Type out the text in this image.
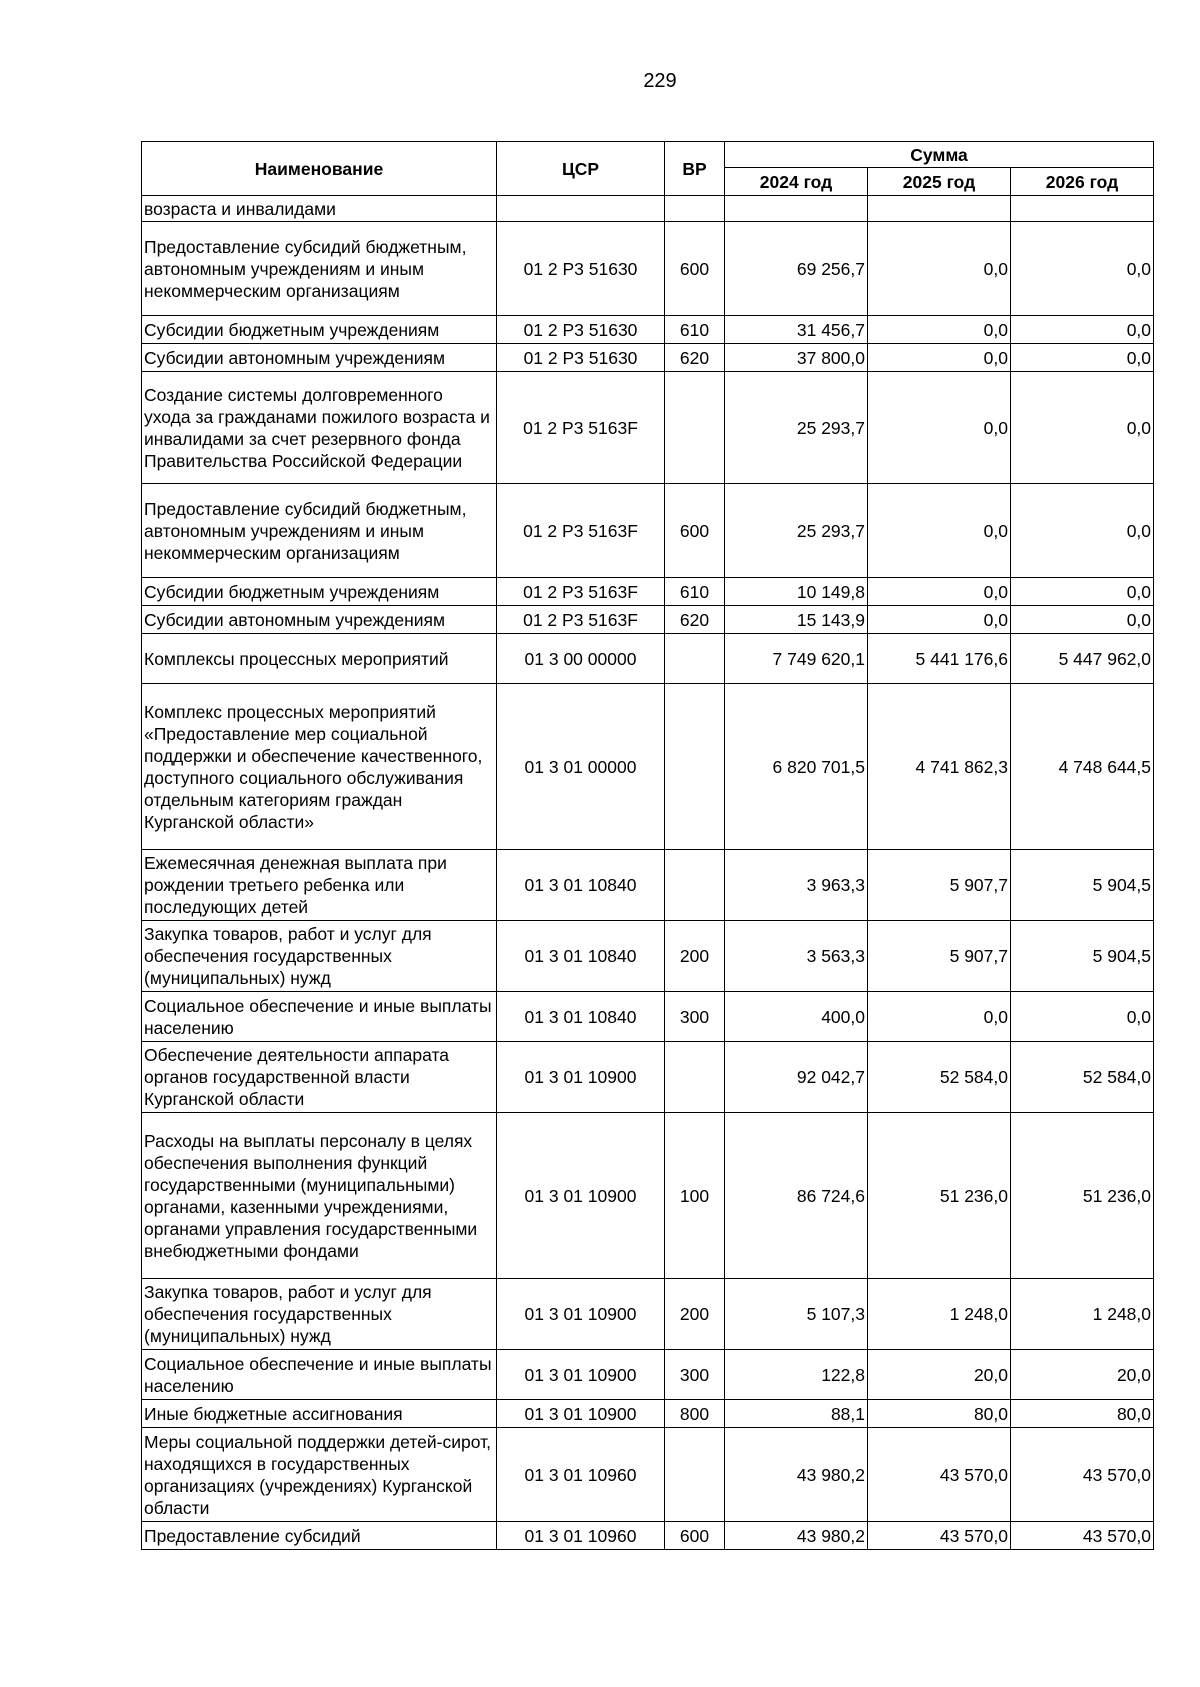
229
Наименование	ЦСР	ВР	Сумма		
			2024 год	2025 год	2026 год
возраста и инвалидами					
Предоставление субсидий бюджетным, автономным учреждениям и иным некоммерческим организациям	01 2 Р3 51630	600	69 256,7	0,0	0,0
Субсидии бюджетным учреждениям	01 2 Р3 51630	610	31 456,7	0,0	0,0
Субсидии автономным учреждениям	01 2 Р3 51630	620	37 800,0	0,0	0,0
Создание системы долговременного ухода за гражданами пожилого возраста и инвалидами за счет резервного фонда Правительства Российской Федерации	01 2 Р3 5163F		25 293,7	0,0	0,0
Предоставление субсидий бюджетным, автономным учреждениям и иным некоммерческим организациям	01 2 Р3 5163F	600	25 293,7	0,0	0,0
Субсидии бюджетным учреждениям	01 2 Р3 5163F	610	10 149,8	0,0	0,0
Субсидии автономным учреждениям	01 2 Р3 5163F	620	15 143,9	0,0	0,0
Комплексы процессных мероприятий	01 3 00 00000		7 749 620,1	5 441 176,6	5 447 962,0
Комплекс процессных мероприятий «Предоставление мер социальной поддержки и обеспечение качественного, доступного социального обслуживания отдельным категориям граждан Курганской области»	01 3 01 00000		6 820 701,5	4 741 862,3	4 748 644,5
Ежемесячная денежная выплата при рождении третьего ребенка или последующих детей	01 3 01 10840		3 963,3	5 907,7	5 904,5
Закупка товаров, работ и услуг для обеспечения государственных (муниципальных) нужд	01 3 01 10840	200	3 563,3	5 907,7	5 904,5
Социальное обеспечение и иные выплаты населению	01 3 01 10840	300	400,0	0,0	0,0
Обеспечение деятельности аппарата органов государственной власти Курганской области	01 3 01 10900		92 042,7	52 584,0	52 584,0
Расходы на выплаты персоналу в целях обеспечения выполнения функций государственными (муниципальными) органами, казенными учреждениями, органами управления государственными внебюджетными фондами	01 3 01 10900	100	86 724,6	51 236,0	51 236,0
Закупка товаров, работ и услуг для обеспечения государственных (муниципальных) нужд	01 3 01 10900	200	5 107,3	1 248,0	1 248,0
Социальное обеспечение и иные выплаты населению	01 3 01 10900	300	122,8	20,0	20,0
Иные бюджетные ассигнования	01 3 01 10900	800	88,1	80,0	80,0
Меры социальной поддержки детей-сирот, находящихся в государственных организациях (учреждениях) Курганской области	01 3 01 10960		43 980,2	43 570,0	43 570,0
Предоставление субсидий	01 3 01 10960	600	43 980,2	43 570,0	43 570,0
